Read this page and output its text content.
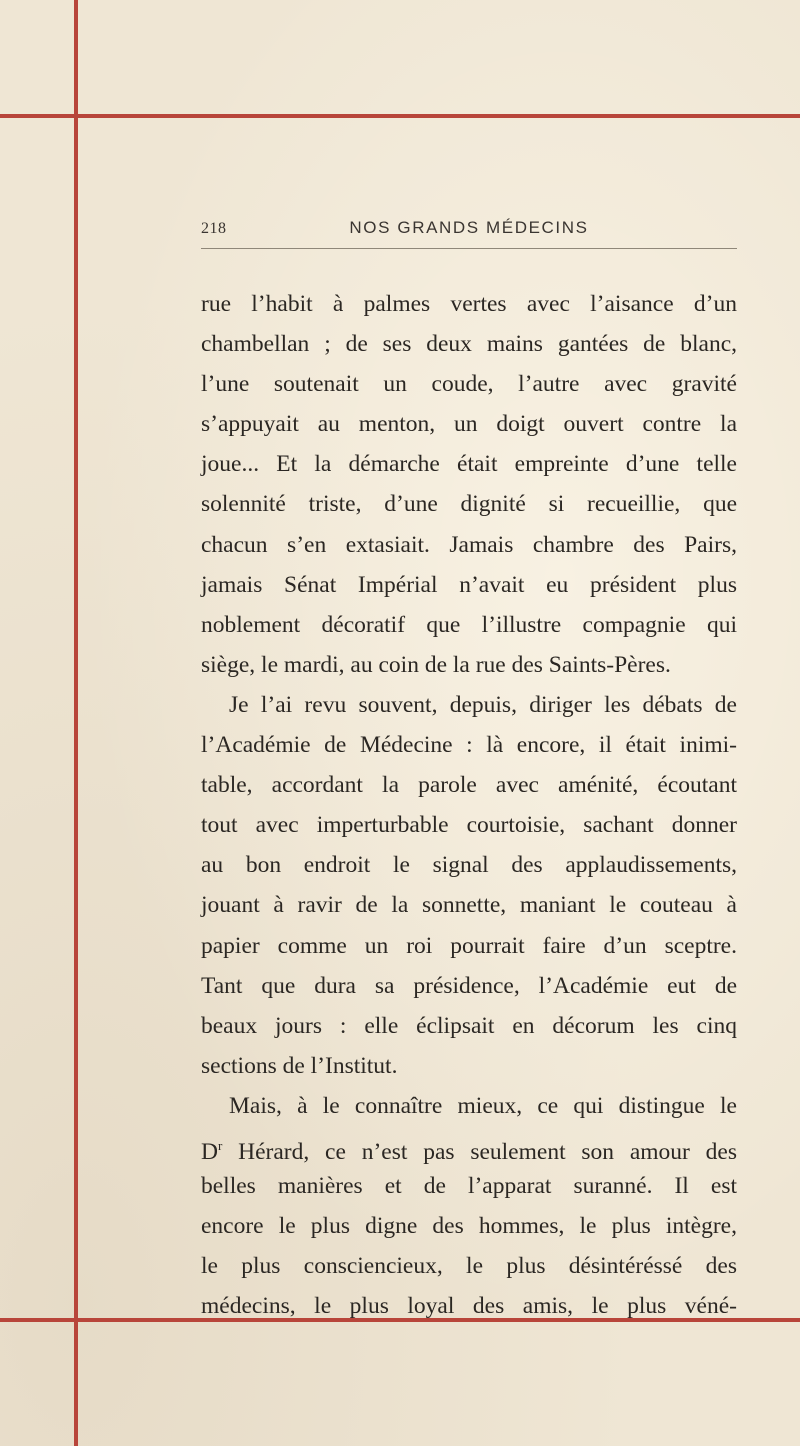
218	NOS GRANDS MÉDECINS
rue l’habit à palmes vertes avec l’aisance d’un
chambellan ; de ses deux mains gantées de blanc,
l’une soutenait un coude, l’autre avec gravité
s’appuyait au menton, un doigt ouvert contre la
joue... Et la démarche était empreinte d’une telle
solennité triste, d’une dignité si recueillie, que
chacun s’en extasiait. Jamais chambre des Pairs,
jamais Sénat Impérial n’avait eu président plus
noblement décoratif que l’illustre compagnie qui
siège, le mardi, au coin de la rue des Saints-Pères.
Je l’ai revu souvent, depuis, diriger les débats de
l’Académie de Médecine : là encore, il était inimi-
table, accordant la parole avec aménité, écoutant
tout avec imperturbable courtoisie, sachant donner
au bon endroit le signal des applaudissements,
jouant à ravir de la sonnette, maniant le couteau à
papier comme un roi pourrait faire d’un sceptre.
Tant que dura sa présidence, l’Académie eut de
beaux jours : elle éclipsait en décorum les cinq
sections de l’Institut.
Mais, à le connaître mieux, ce qui distingue le
$D^r$ Hérard, ce n’est pas seulement son amour des
belles manières et de l’apparat suranné. Il est
encore le plus digne des hommes, le plus intègre,
le plus consciencieux, le plus désintéréssé des
médecins, le plus loyal des amis, le plus véné-
